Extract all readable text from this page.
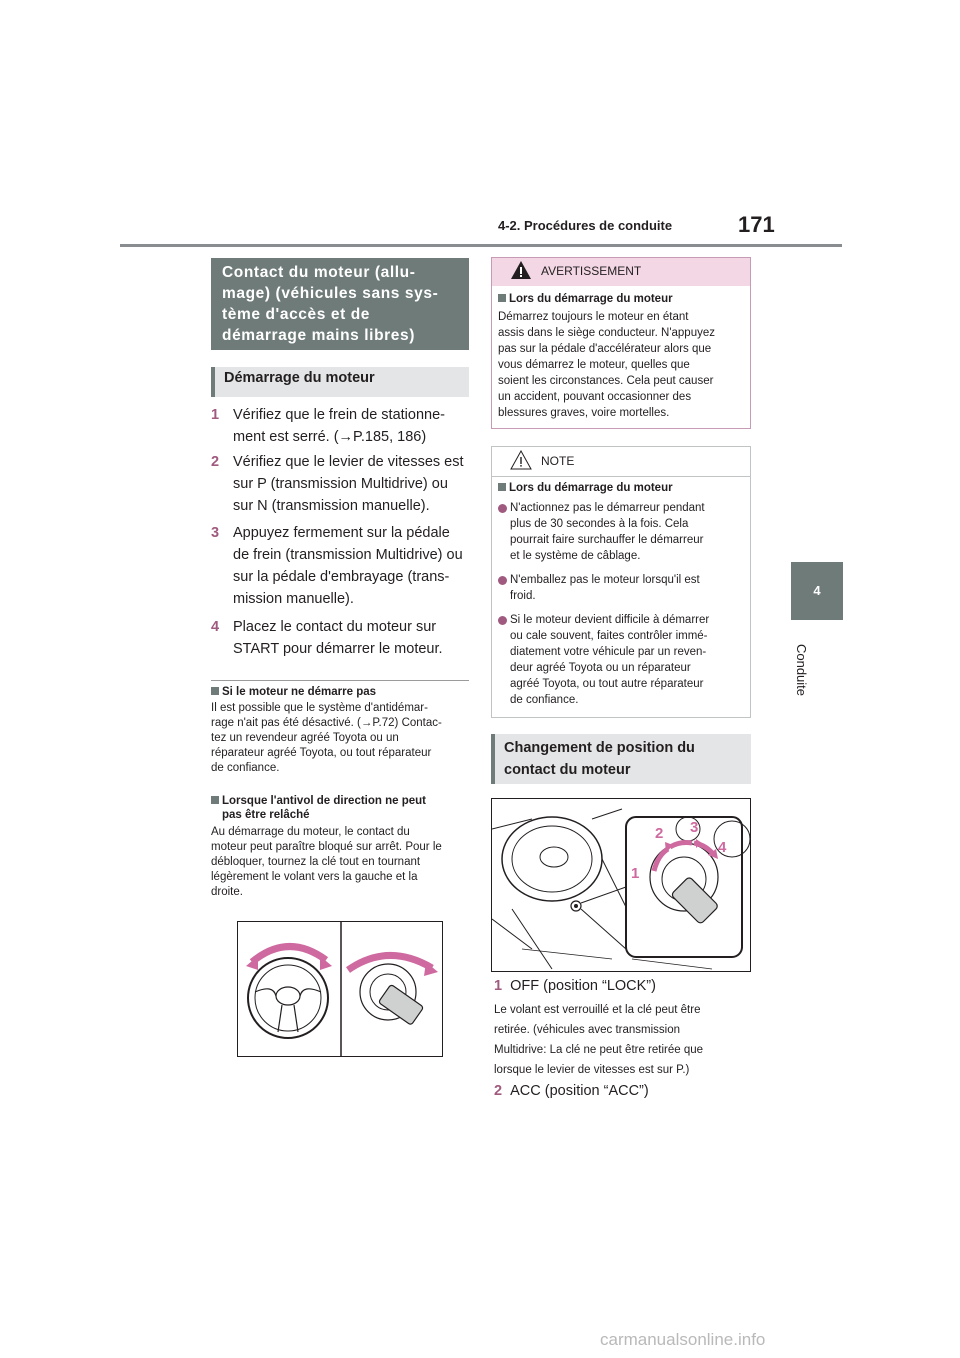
4-2. Procédures de conduite	171
4
Conduite
Contact du moteur (allu-
mage) (véhicules sans sys-
tème d'accès et de
démarrage mains libres)
Démarrage du moteur
1 Vérifiez que le frein de stationne-
ment est serré. (→P.185, 186)
2 Vérifiez que le levier de vitesses est
sur P (transmission Multidrive) ou
sur N (transmission manuelle).
3 Appuyez fermement sur la pédale
de frein (transmission Multidrive) ou
sur la pédale d'embrayage (trans-
mission manuelle).
4 Placez le contact du moteur sur
START pour démarrer le moteur.
Si le moteur ne démarre pas
Il est possible que le système d'antidémar-
rage n'ait pas été désactivé. (→P.72) Contac-
tez un revendeur agréé Toyota ou un
réparateur agréé Toyota, ou tout réparateur
de confiance.
Lorsque l'antivol de direction ne peut
pas être relâché
Au démarrage du moteur, le contact du
moteur peut paraître bloqué sur arrêt. Pour le
débloquer, tournez la clé tout en tournant
légèrement le volant vers la gauche et la
droite.
AVERTISSEMENT
Lors du démarrage du moteur
Démarrez toujours le moteur en étant
assis dans le siège conducteur. N'appuyez
pas sur la pédale d'accélérateur alors que
vous démarrez le moteur, quelles que
soient les circonstances. Cela peut causer
un accident, pouvant occasionner des
blessures graves, voire mortelles.
NOTE
Lors du démarrage du moteur
N'actionnez pas le démarreur pendant
plus de 30 secondes à la fois. Cela
pourrait faire surchauffer le démarreur
et le système de câblage.
N'emballez pas le moteur lorsqu'il est
froid.
Si le moteur devient difficile à démarrer
ou cale souvent, faites contrôler immé-
diatement votre véhicule par un reven-
deur agréé Toyota ou un réparateur
agréé Toyota, ou tout autre réparateur
de confiance.
Changement de position du
contact du moteur
1
2 3
4
1 OFF (position “LOCK”)
Le volant est verrouillé et la clé peut être
retirée. (véhicules avec transmission
Multidrive: La clé ne peut être retirée que
lorsque le levier de vitesses est sur P.)
2 ACC (position “ACC”)
carmanualsonline.info
